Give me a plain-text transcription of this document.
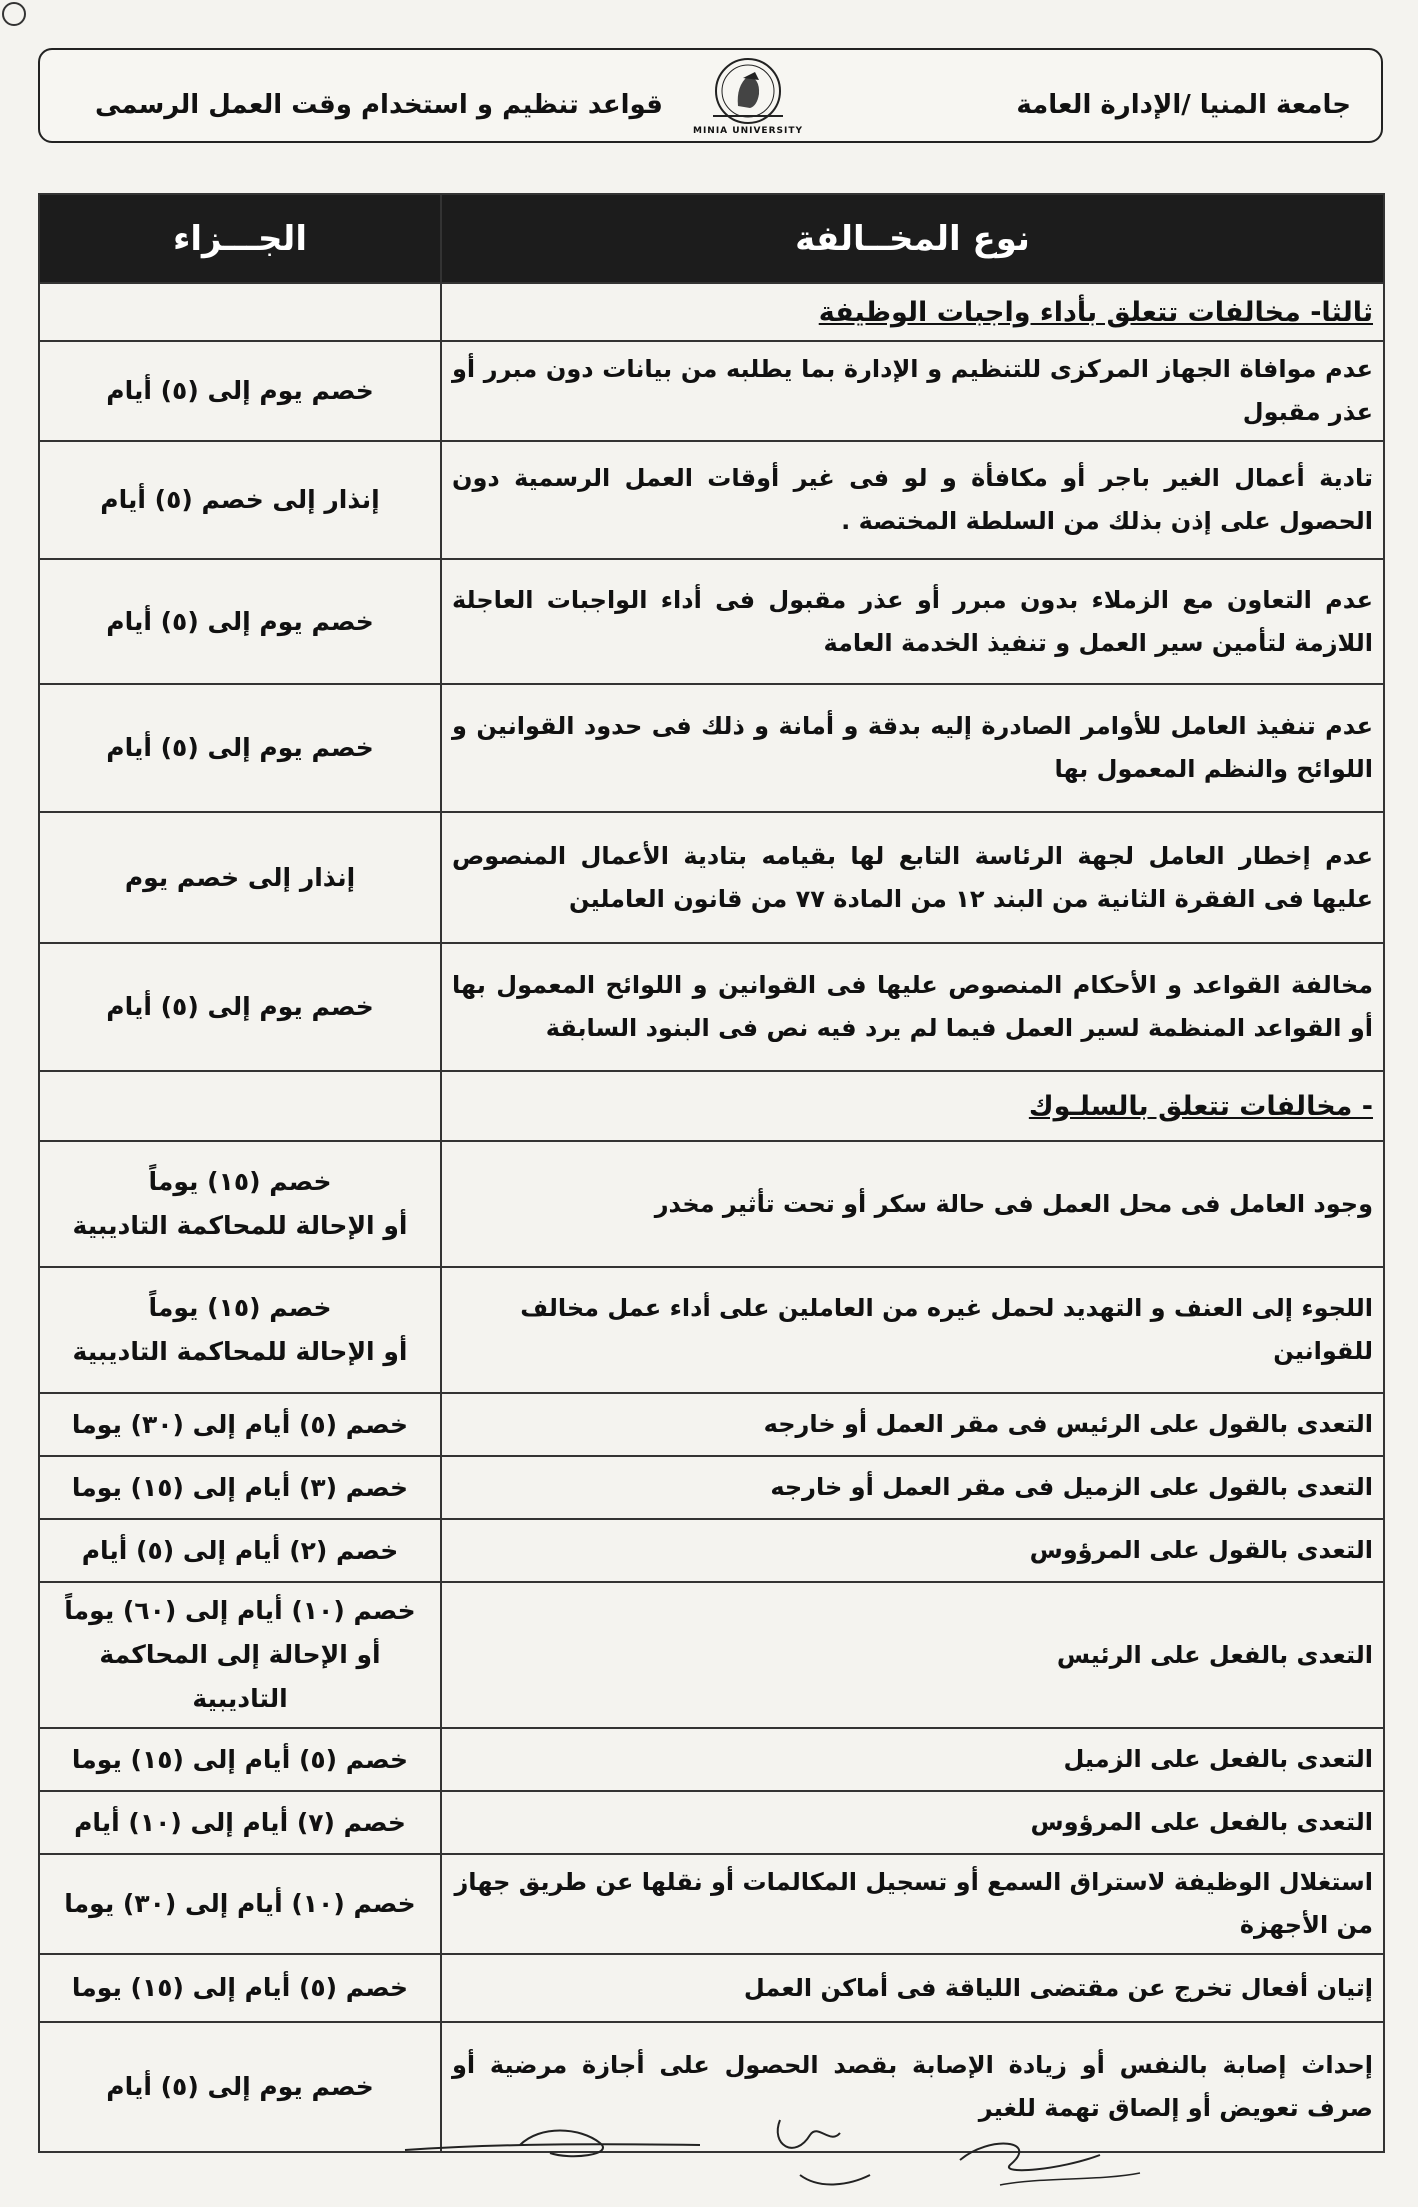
جامعة المنيا /الإدارة العامة
MINIA UNIVERSITY
قواعد تنظيم و استخدام وقت العمل الرسمى
نوع المخــالفة	الجـــزاء
ثالثا- مخالفات تتعلق بأداء واجبات الوظيفة	
عدم موافاة الجهاز المركزى للتنظيم و الإدارة بما يطلبه من بيانات دون مبرر أو عذر مقبول	خصم يوم إلى (٥) أيام
تادية أعمال الغير باجر أو مكافأة و لو فى غير أوقات العمل الرسمية دون الحصول على إذن بذلك من السلطة المختصة .	إنذار إلى خصم (٥) أيام
عدم التعاون مع الزملاء بدون مبرر أو عذر مقبول فى أداء الواجبات العاجلة اللازمة لتأمين سير العمل و تنفيذ الخدمة العامة	خصم يوم إلى (٥) أيام
عدم تنفيذ العامل للأوامر الصادرة إليه بدقة و أمانة و ذلك فى حدود القوانين و اللوائح والنظم المعمول بها	خصم يوم إلى (٥) أيام
عدم إخطار العامل لجهة الرئاسة التابع لها بقيامه بتادية الأعمال المنصوص عليها فى الفقرة الثانية من البند ١٢ من المادة ٧٧ من قانون العاملين	إنذار إلى خصم يوم
مخالفة القواعد و الأحكام المنصوص عليها فى القوانين و اللوائح المعمول بها أو القواعد المنظمة لسير العمل فيما لم يرد فيه نص فى البنود السابقة	خصم يوم إلى (٥) أيام
- مخالفات تتعلق بالسلـوك	
وجود العامل فى محل العمل فى حالة سكر أو تحت تأثير مخدر	خصم (١٥) يوماً
أو الإحالة للمحاكمة التاديبية

اللجوء إلى العنف و التهديد لحمل غيره من العاملين على أداء عمل مخالف للقوانين	خصم (١٥) يوماً
أو الإحالة للمحاكمة التاديبية

التعدى بالقول على الرئيس فى مقر العمل أو خارجه	خصم (٥) أيام إلى (٣٠) يوما
التعدى بالقول على الزميل فى مقر العمل أو خارجه	خصم (٣) أيام إلى (١٥) يوما
التعدى بالقول على المرؤوس	خصم (٢) أيام إلى (٥) أيام
التعدى بالفعل على الرئيس	خصم (١٠) أيام إلى (٦٠) يوماً
أو الإحالة إلى المحاكمة التاديبية

التعدى بالفعل على الزميل	خصم (٥) أيام إلى (١٥) يوما
التعدى بالفعل على المرؤوس	خصم (٧) أيام إلى (١٠) أيام
استغلال الوظيفة لاستراق السمع أو تسجيل المكالمات أو نقلها عن طريق جهاز من الأجهزة	خصم (١٠) أيام إلى (٣٠) يوما
إتيان أفعال تخرج عن مقتضى اللياقة فى أماكن العمل	خصم (٥) أيام إلى (١٥) يوما
إحداث إصابة بالنفس أو زيادة الإصابة بقصد الحصول على أجازة مرضية أو صرف تعويض أو إلصاق تهمة للغير	خصم يوم إلى (٥) أيام
